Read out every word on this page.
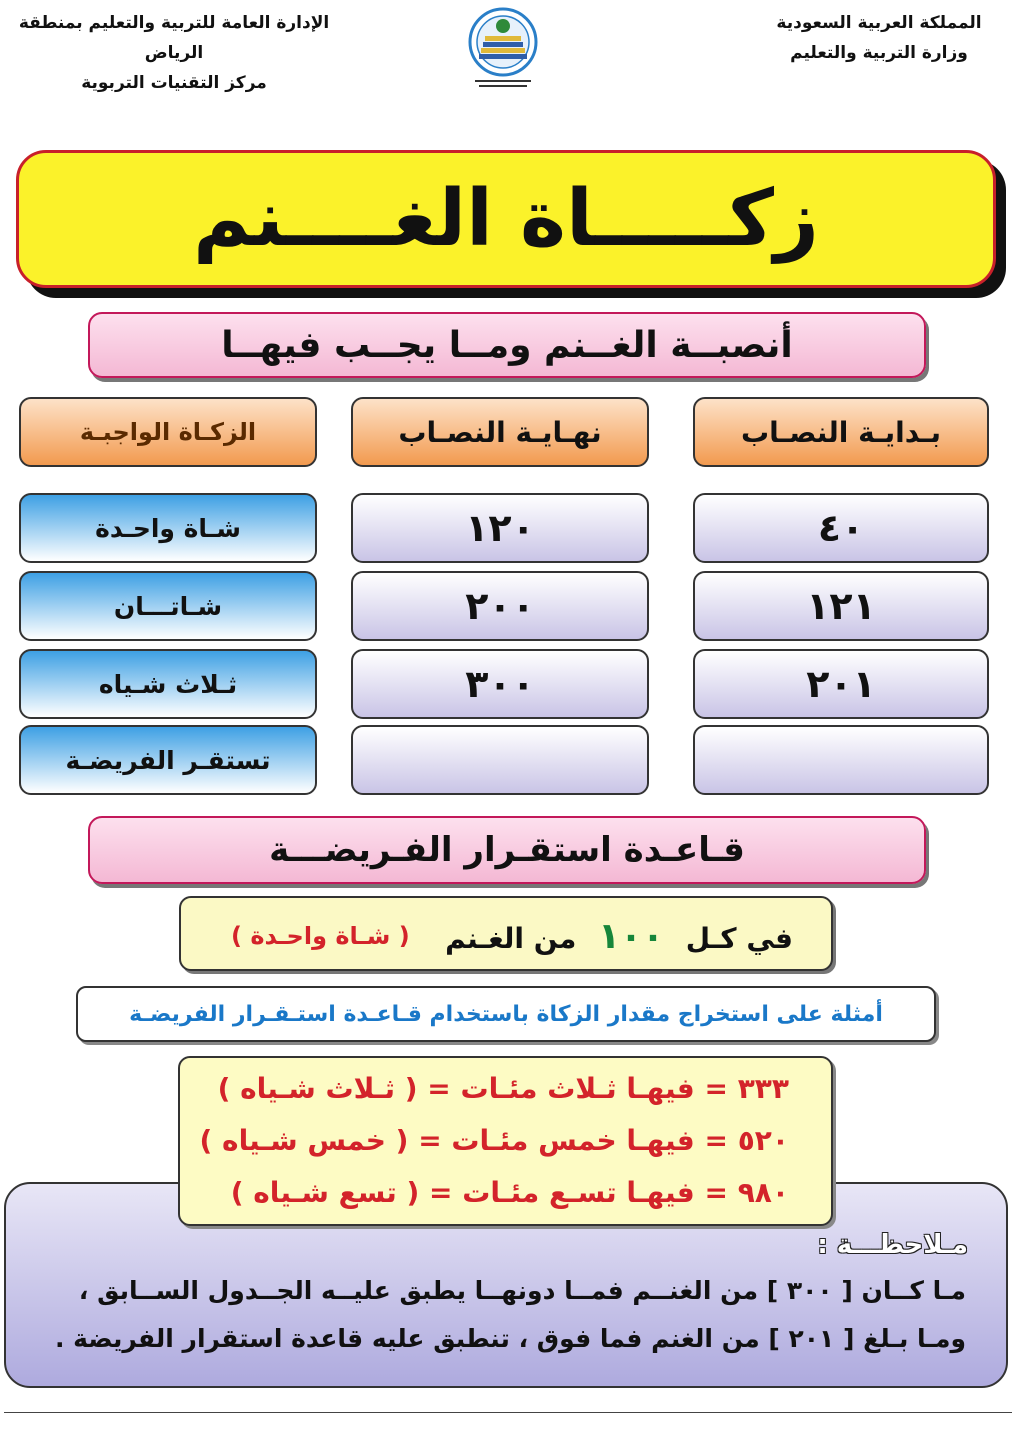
المملكة العربية السعودية
وزارة التربية والتعليم
الإدارة العامة للتربية والتعليم بمنطقة الرياض
مركز التقنيات التربوية
زكـــــاة الغــــنم
أنصبــة الغــنم ومــا يجــب فيهــا
بـدايـة النصـاب
نهـايـة النصـاب
الزكـاة الواجبـة
٤٠
١٢٠
شـاة واحـدة
١٢١
٢٠٠
شـاتـــان
٢٠١
٣٠٠
ثـلاث شـياه
تستقـر الفريضـة
قـاعـدة استقـرار الفـريضـــة
في كـل ١٠٠ من الغـنم
( شـاة واحـدة )
أمثلة على استخراج مقدار الزكاة باستخدام قـاعـدة استـقـرار الفريضـة
مـلاحظـــة :
مـا كــان [ ٣٠٠ ] من الغنــم فمــا دونهــا يطبق عليــه الجــدول الســابق ،
ومـا بـلغ [ ٢٠١ ] من الغنم فما فوق ، تنطبق عليه قاعدة استقرار الفريضة .
٣٣٣ = فيهـا ثـلاث مئـات = ( ثـلاث شـياه )
٥٢٠ = فيهـا خمس مئـات = ( خمس شـياه )
٩٨٠ = فيهـا تسـع مئـات = ( تسع شـياه )
